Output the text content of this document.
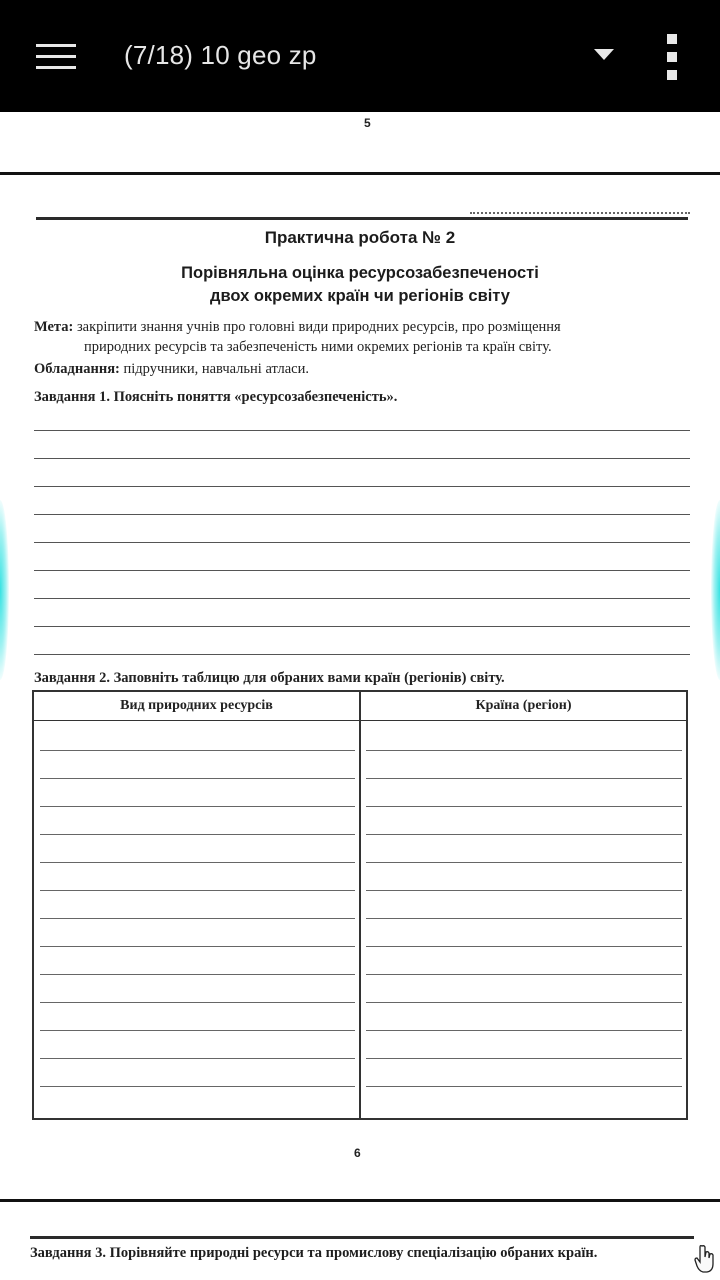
(7/18) 10 geo zp
5
Практична робота № 2
Порівняльна оцінка ресурсозабезпеченості
двох окремих країн чи регіонів світу
Мета: закріпити знання учнів про головні види природних ресурсів, про розміщення
природних ресурсів та забезпеченість ними окремих регіонів та країн світу.
Обладнання: підручники, навчальні атласи.
Завдання 1. Поясніть поняття «ресурсозабезпеченість».
Завдання 2. Заповніть таблицю для обраних вами країн (регіонів) світу.
Вид природних ресурсів	Країна (регіон)
6
Завдання 3. Порівняйте природні ресурси та промислову спеціалізацію обраних країн.
